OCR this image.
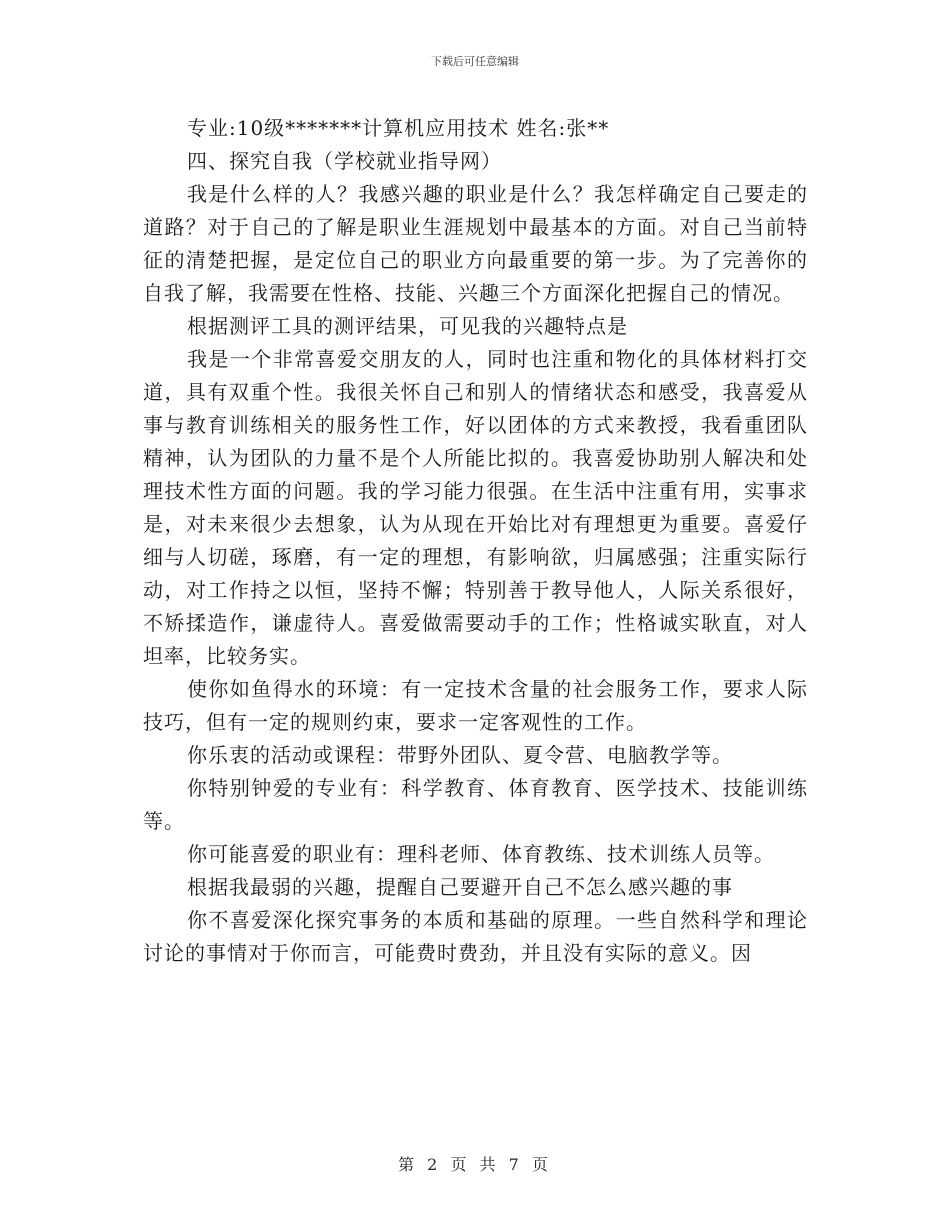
下载后可任意编辑

专业:10级*******计算机应用技术 姓名:张**

四、探究自我（学校就业指导网）

我是什么样的人？我感兴趣的职业是什么？我怎样确定自己要走的道路？对于自己的了解是职业生涯规划中最基本的方面。对自己当前特征的清楚把握，是定位自己的职业方向最重要的第一步。为了完善你的自我了解，我需要在性格、技能、兴趣三个方面深化把握自己的情况。

根据测评工具的测评结果，可见我的兴趣特点是

我是一个非常喜爱交朋友的人，同时也注重和物化的具体材料打交道，具有双重个性。我很关怀自己和别人的情绪状态和感受，我喜爱从事与教育训练相关的服务性工作，好以团体的方式来教授，我看重团队精神，认为团队的力量不是个人所能比拟的。我喜爱协助别人解决和处理技术性方面的问题。我的学习能力很强。在生活中注重有用，实事求是，对未来很少去想象，认为从现在开始比对有理想更为重要。喜爱仔细与人切磋，琢磨，有一定的理想，有影响欲，归属感强；注重实际行动，对工作持之以恒，坚持不懈；特别善于教导他人，人际关系很好，不矫揉造作，谦虚待人。喜爱做需要动手的工作；性格诚实耿直，对人坦率，比较务实。

使你如鱼得水的环境：有一定技术含量的社会服务工作，要求人际技巧，但有一定的规则约束，要求一定客观性的工作。

你乐衷的活动或课程：带野外团队、夏令营、电脑教学等。

你特别钟爱的专业有：科学教育、体育教育、医学技术、技能训练等。

你可能喜爱的职业有：理科老师、体育教练、技术训练人员等。

根据我最弱的兴趣，提醒自己要避开自己不怎么感兴趣的事

你不喜爱深化探究事务的本质和基础的原理。一些自然科学和理论讨论的事情对于你而言，可能费时费劲，并且没有实际的意义。因

第 2 页 共 7 页
